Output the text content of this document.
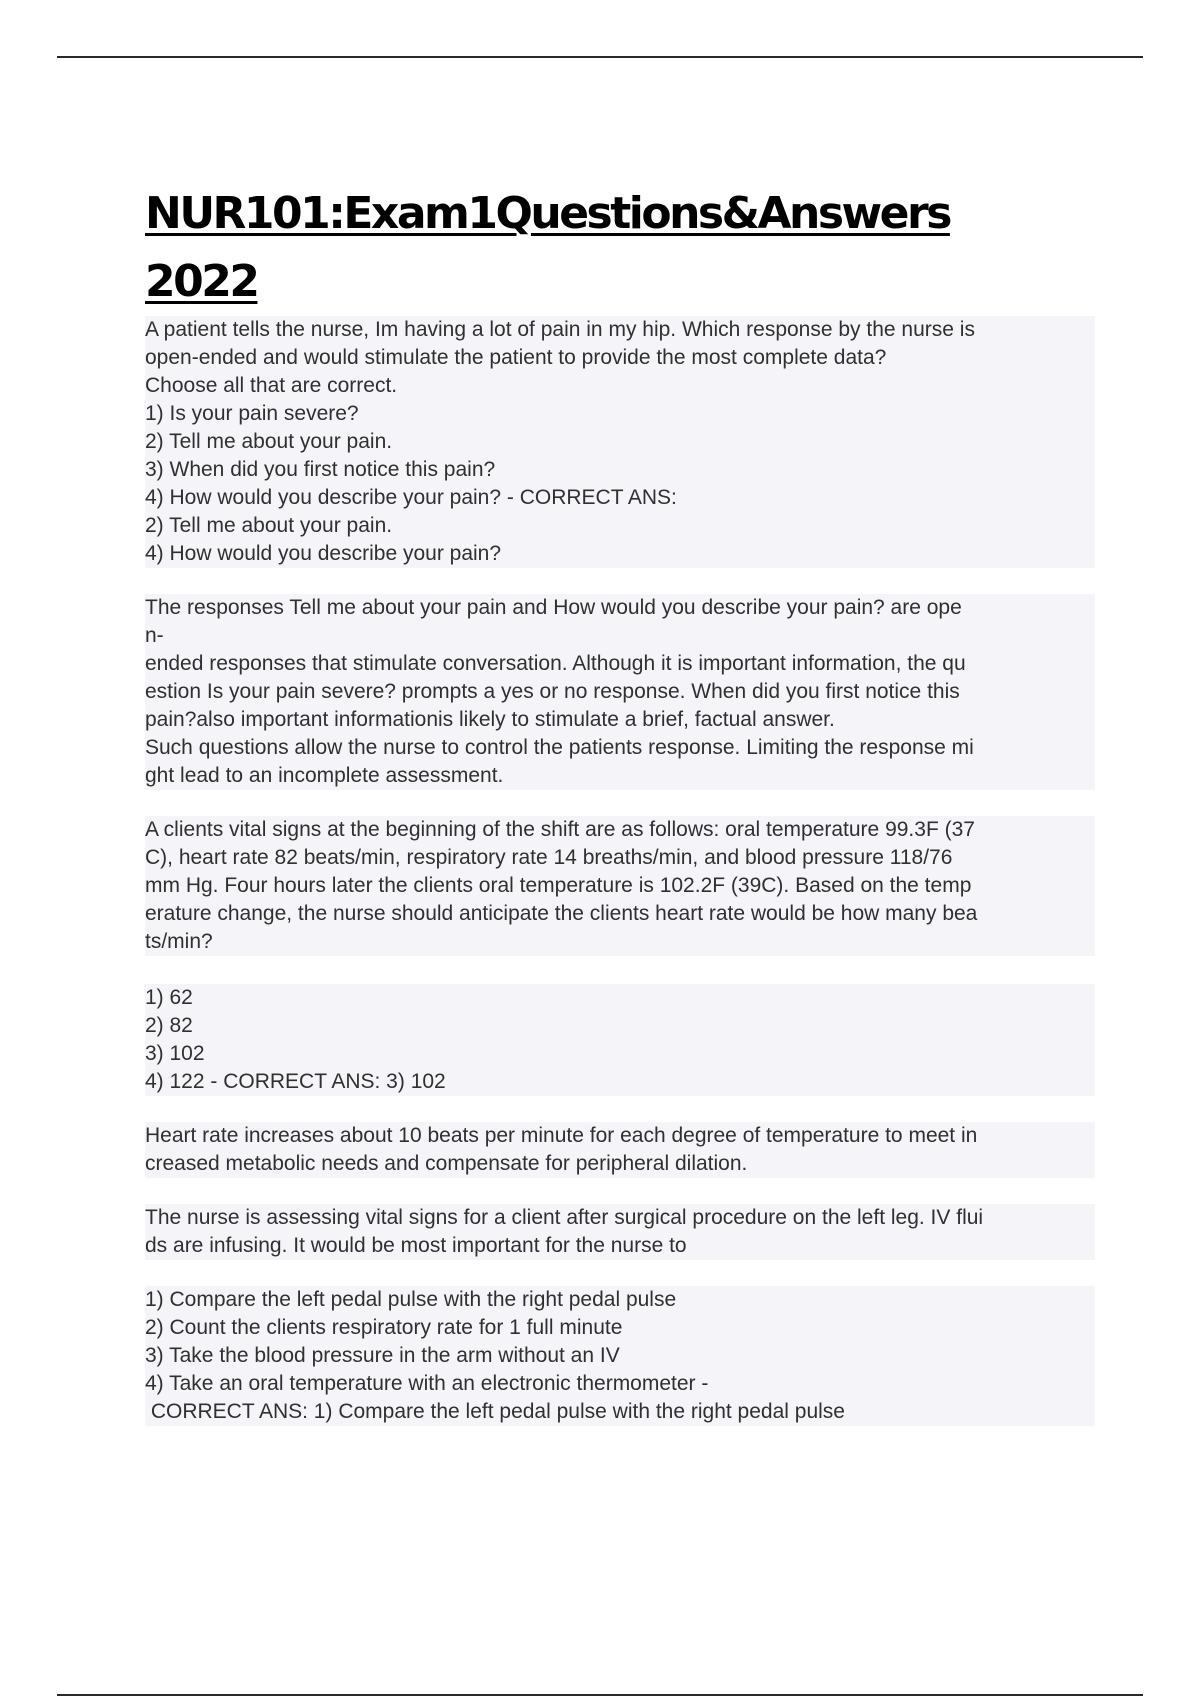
NUR101:Exam1Questions&Answers
2022
A patient tells the nurse, Im having a lot of pain in my hip. Which response by the nurse is
open-ended and would stimulate the patient to provide the most complete data?
Choose all that are correct.
1) Is your pain severe?
2) Tell me about your pain.
3) When did you first notice this pain?
4) How would you describe your pain? - CORRECT ANS:
2) Tell me about your pain.
4) How would you describe your pain?
The responses Tell me about your pain and How would you describe your pain? are ope
n-
ended responses that stimulate conversation. Although it is important information, the qu
estion Is your pain severe? prompts a yes or no response. When did you first notice this
pain?also important informationis likely to stimulate a brief, factual answer.
Such questions allow the nurse to control the patients response. Limiting the response mi
ght lead to an incomplete assessment.
A clients vital signs at the beginning of the shift are as follows: oral temperature 99.3F (37
C), heart rate 82 beats/min, respiratory rate 14 breaths/min, and blood pressure 118/76
mm Hg. Four hours later the clients oral temperature is 102.2F (39C). Based on the temp
erature change, the nurse should anticipate the clients heart rate would be how many bea
ts/min?
1) 62
2) 82
3) 102
4) 122 - CORRECT ANS: 3) 102
Heart rate increases about 10 beats per minute for each degree of temperature to meet in
creased metabolic needs and compensate for peripheral dilation.
The nurse is assessing vital signs for a client after surgical procedure on the left leg. IV flui
ds are infusing. It would be most important for the nurse to
1) Compare the left pedal pulse with the right pedal pulse
2) Count the clients respiratory rate for 1 full minute
3) Take the blood pressure in the arm without an IV
4) Take an oral temperature with an electronic thermometer -
CORRECT ANS: 1) Compare the left pedal pulse with the right pedal pulse
